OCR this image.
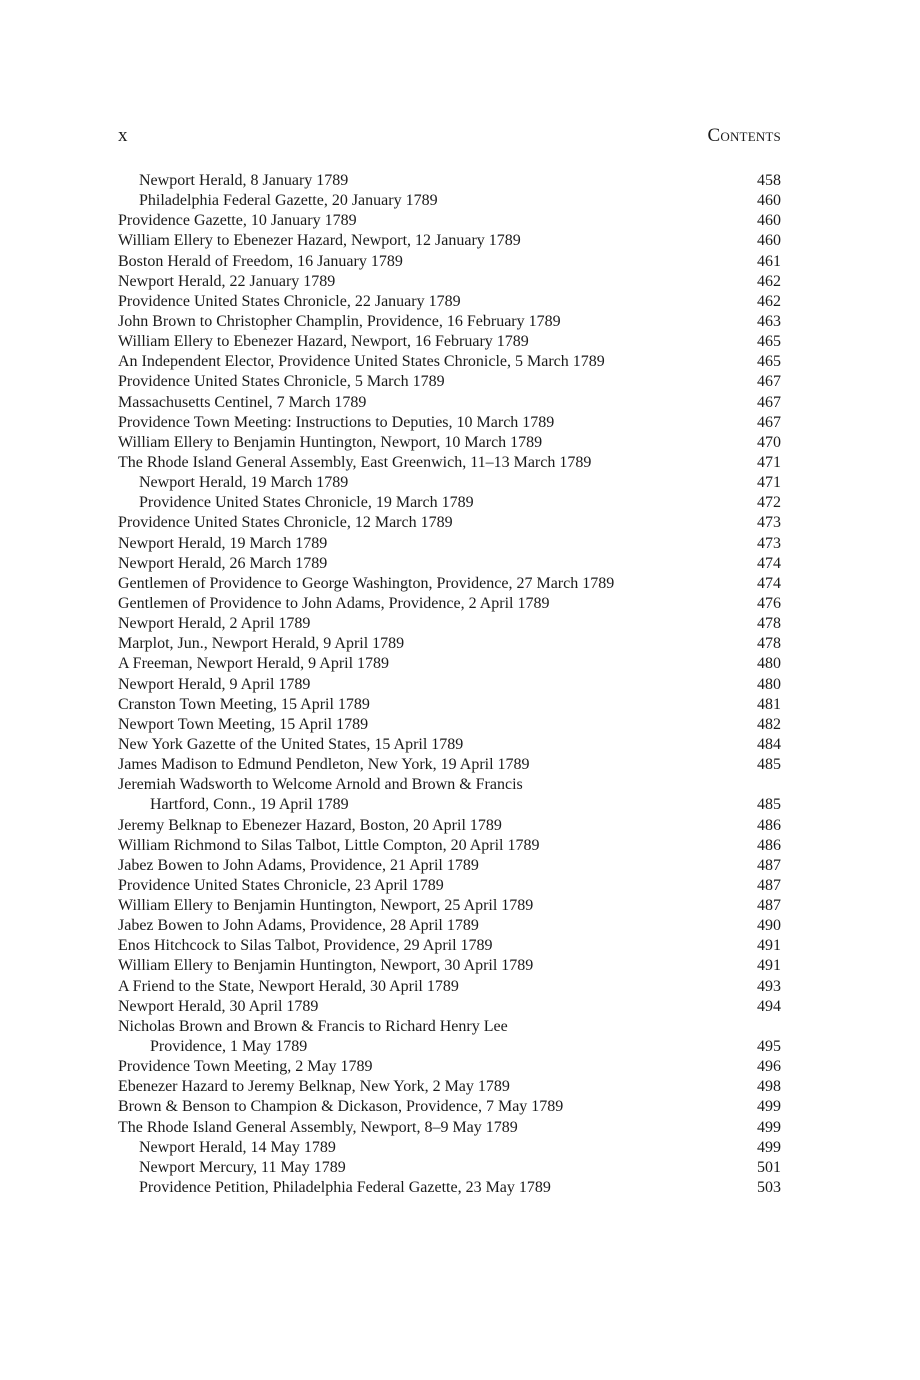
x	Contents
Newport Herald, 8 January 1789	458
Philadelphia Federal Gazette, 20 January 1789	460
Providence Gazette, 10 January 1789	460
William Ellery to Ebenezer Hazard, Newport, 12 January 1789	460
Boston Herald of Freedom, 16 January 1789	461
Newport Herald, 22 January 1789	462
Providence United States Chronicle, 22 January 1789	462
John Brown to Christopher Champlin, Providence, 16 February 1789	463
William Ellery to Ebenezer Hazard, Newport, 16 February 1789	465
An Independent Elector, Providence United States Chronicle, 5 March 1789	465
Providence United States Chronicle, 5 March 1789	467
Massachusetts Centinel, 7 March 1789	467
Providence Town Meeting: Instructions to Deputies, 10 March 1789	467
William Ellery to Benjamin Huntington, Newport, 10 March 1789	470
The Rhode Island General Assembly, East Greenwich, 11–13 March 1789	471
Newport Herald, 19 March 1789	471
Providence United States Chronicle, 19 March 1789	472
Providence United States Chronicle, 12 March 1789	473
Newport Herald, 19 March 1789	473
Newport Herald, 26 March 1789	474
Gentlemen of Providence to George Washington, Providence, 27 March 1789	474
Gentlemen of Providence to John Adams, Providence, 2 April 1789	476
Newport Herald, 2 April 1789	478
Marplot, Jun., Newport Herald, 9 April 1789	478
A Freeman, Newport Herald, 9 April 1789	480
Newport Herald, 9 April 1789	480
Cranston Town Meeting, 15 April 1789	481
Newport Town Meeting, 15 April 1789	482
New York Gazette of the United States, 15 April 1789	484
James Madison to Edmund Pendleton, New York, 19 April 1789	485
Jeremiah Wadsworth to Welcome Arnold and Brown & Francis
Hartford, Conn., 19 April 1789	485
Jeremy Belknap to Ebenezer Hazard, Boston, 20 April 1789	486
William Richmond to Silas Talbot, Little Compton, 20 April 1789	486
Jabez Bowen to John Adams, Providence, 21 April 1789	487
Providence United States Chronicle, 23 April 1789	487
William Ellery to Benjamin Huntington, Newport, 25 April 1789	487
Jabez Bowen to John Adams, Providence, 28 April 1789	490
Enos Hitchcock to Silas Talbot, Providence, 29 April 1789	491
William Ellery to Benjamin Huntington, Newport, 30 April 1789	491
A Friend to the State, Newport Herald, 30 April 1789	493
Newport Herald, 30 April 1789	494
Nicholas Brown and Brown & Francis to Richard Henry Lee
Providence, 1 May 1789	495
Providence Town Meeting, 2 May 1789	496
Ebenezer Hazard to Jeremy Belknap, New York, 2 May 1789	498
Brown & Benson to Champion & Dickason, Providence, 7 May 1789	499
The Rhode Island General Assembly, Newport, 8–9 May 1789	499
Newport Herald, 14 May 1789	499
Newport Mercury, 11 May 1789	501
Providence Petition, Philadelphia Federal Gazette, 23 May 1789	503
